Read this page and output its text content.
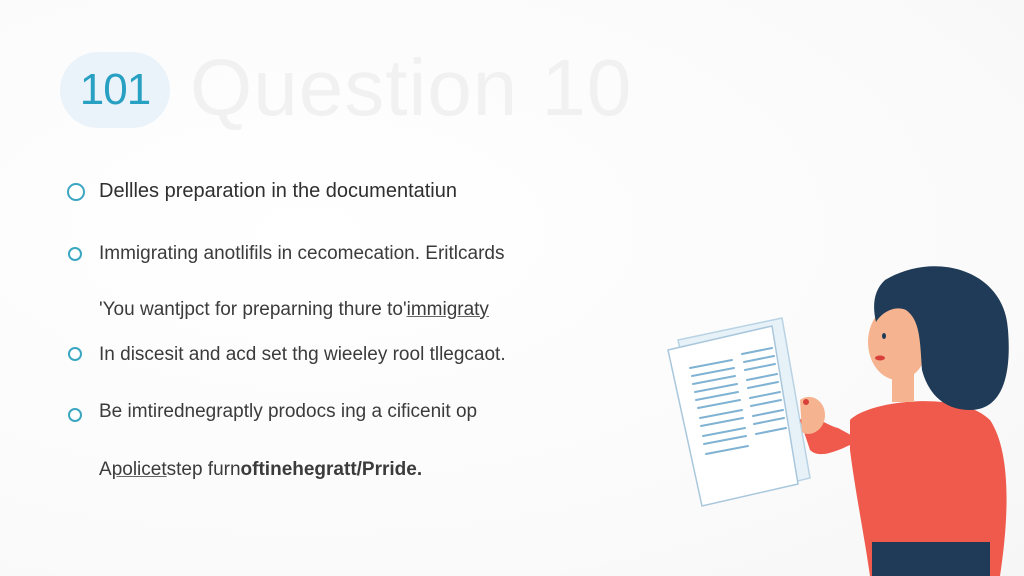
101 Question 10
Dellles preparation in the documentatiun
Immigrating anotlifils in cecomecation. Eritlcards
'You wantjpct for preparning thure to' immigraty
In discesit and acd set thg wieeley rool tllegcaot.
Be imtirednegraptly prodocs ing a cificenit op
A policet step furn oftinehegratt/Prride.
